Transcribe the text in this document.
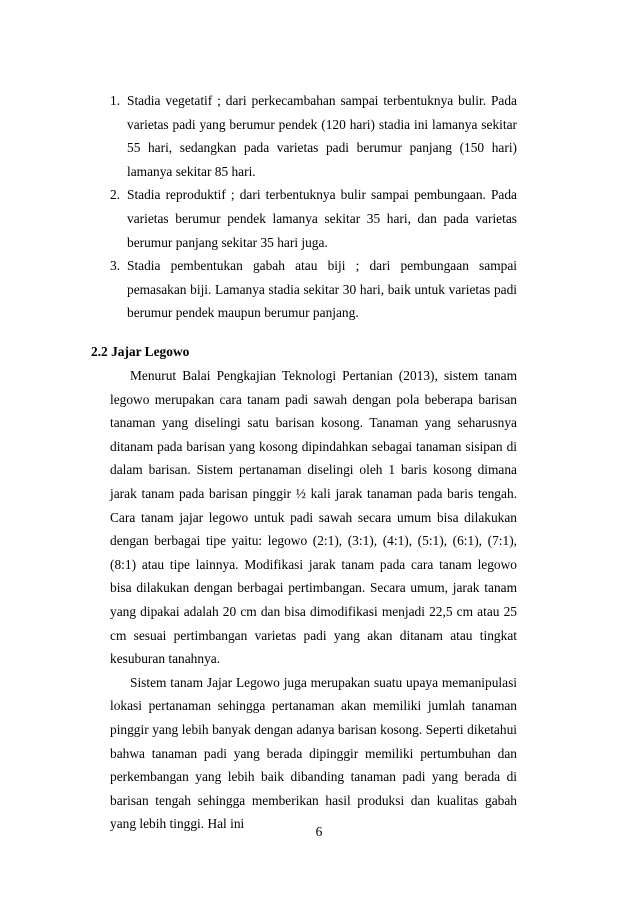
1. Stadia vegetatif ; dari perkecambahan sampai terbentuknya bulir. Pada varietas padi yang berumur pendek (120 hari) stadia ini lamanya sekitar 55 hari, sedangkan pada varietas padi berumur panjang (150 hari) lamanya sekitar 85 hari.
2. Stadia reproduktif ; dari terbentuknya bulir sampai pembungaan. Pada varietas berumur pendek lamanya sekitar 35 hari, dan pada varietas berumur panjang sekitar 35 hari juga.
3. Stadia pembentukan gabah atau biji ; dari pembungaan sampai pemasakan biji. Lamanya stadia sekitar 30 hari, baik untuk varietas padi berumur pendek maupun berumur panjang.
2.2 Jajar Legowo

Menurut Balai Pengkajian Teknologi Pertanian (2013), sistem tanam legowo merupakan cara tanam padi sawah dengan pola beberapa barisan tanaman yang diselingi satu barisan kosong. Tanaman yang seharusnya ditanam pada barisan yang kosong dipindahkan sebagai tanaman sisipan di dalam barisan. Sistem pertanaman diselingi oleh 1 baris kosong dimana jarak tanam pada barisan pinggir ½ kali jarak tanaman pada baris tengah. Cara tanam jajar legowo untuk padi sawah secara umum bisa dilakukan dengan berbagai tipe yaitu: legowo (2:1), (3:1), (4:1), (5:1), (6:1), (7:1), (8:1) atau tipe lainnya. Modifikasi jarak tanam pada cara tanam legowo bisa dilakukan dengan berbagai pertimbangan. Secara umum, jarak tanam yang dipakai adalah 20 cm dan bisa dimodifikasi menjadi 22,5 cm atau 25 cm sesuai pertimbangan varietas padi yang akan ditanam atau tingkat kesuburan tanahnya.

Sistem tanam Jajar Legowo juga merupakan suatu upaya memanipulasi lokasi pertanaman sehingga pertanaman akan memiliki jumlah tanaman pinggir yang lebih banyak dengan adanya barisan kosong. Seperti diketahui bahwa tanaman padi yang berada dipinggir memiliki pertumbuhan dan perkembangan yang lebih baik dibanding tanaman padi yang berada di barisan tengah sehingga memberikan hasil produksi dan kualitas gabah yang lebih tinggi. Hal ini

6
